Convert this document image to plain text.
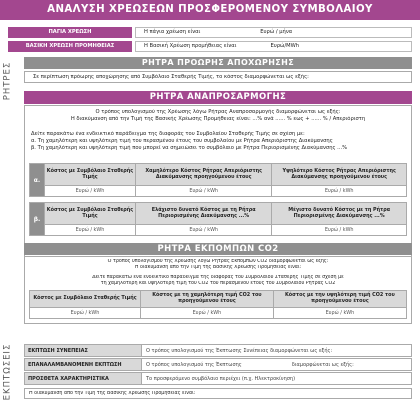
ΑΝΑΛΥΣΗ ΧΡΕΩΣΕΩΝ ΠΡΟΣΦΕΡΟΜΕΝΟΥ ΣΥΜΒΟΛΑΙΟΥ
ΠΑΓΙΑ ΧΡΕΩΣΗ	Η πάγια χρέωση είναι	Ευρώ / μήνα
ΒΑΣΙΚΗ ΧΡΕΩΣΗ ΠΡΟΜΗΘΕΙΑΣ	Η Βασική Χρέωση προμήθειας είναι	Ευρώ/MWh
ΡΗΤΡΕΣ
ΕΚΠΤΩΣΕΙΣ
ΡΗΤΡΑ ΠΡΟΩΡΗΣ ΑΠΟΧΩΡΗΣΗΣ
Σε περίπτωση πρόωρης αποχώρησης από Συμβόλαιο Σταθερής Τιμής, το κόστος διαμορφώνεται ως εξής:
ΡΗΤΡΑ ΑΝΑΠΡΟΣΑΡΜΟΓΗΣ
Ο τρόπος υπολογισμού της Χρέωσης λόγω Ρήτρας Αναπροσαρμογής διαμορφώνεται ως εξής:
Η διακύμανση από την Τιμή της Βασικής Χρέωσης Προμήθειας είναι: ...% ανά ...... % εως + ...... % / Απεριόριστη
Δείτε παρακάτω ένα ενδεικτικό παράδειγμα της διαφοράς του Συμβολαίου Σταθερής Τιμής σε σχέση με:
α. Τη χαμηλότερη και υψηλότερη τιμή του περασμένου έτους του συμβολαίου με Ρήτρα Απεριόριστης Διακύμανσης
β. Τη χαμηλότερη και υψηλότερη τιμή που μπορεί να σημειώσει το συμβόλαιο με Ρήτρα Περιορισμένης Διακύμανσης ...%
α.	Κόστος με Συμβόλαιο Σταθερής Τιμής	Χαμηλότερο Κόστος Ρήτρας Απεριόριστης Διακύμανσης προηγούμενου έτους	Υψηλότερο Κόστος Ρήτρας Απεριόριστης Διακύμανσης προηγούμενου έτους
	Ευρώ / kWh	Ευρώ / kWh	Ευρώ / kWh

β.	Κόστος με Συμβόλαιο Σταθερής Τιμής	Ελάχιστο δυνατό Κόστος με τη Ρήτρα Περιορισμένης Διακύμανσης ...%	Μέγιστο δυνατό Κόστος με τη Ρήτρα Περιορισμένης Διακύμανσης ...%
	Ευρώ / kWh	Ευρώ / kWh	Ευρώ / kWh
ΡΗΤΡΑ ΕΚΠΟΜΠΩΝ CO2
Ο τρόπος υπολογισμού της Χρέωσης λόγω Ρήτρας Εκπομπών CO2 διαμορφώνεται ως εξής:
Η διακύμανση από την Τιμή της Βασικής Χρέωσης Προμήθειας είναι:
Δείτε παρακάτω ένα ενδεικτικό παράδειγμα της διαφοράς του Συμβολαίου Σταθερής Τιμής σε σχέση με
τη χαμηλότερη και υψηλότερη τιμή του CO2 του περασμένου έτους του Συμβολαίου Ρήτρας CO2
Κόστος με Συμβόλαιο Σταθερής Τιμής	Κόστος με τη χαμηλότερη τιμή CO2 του προηγούμενου έτους	Κόστος με την υψηλότερη τιμή CO2 του προηγούμενου έτους
Ευρώ / kWh	Ευρώ / kWh	Ευρώ / kWh
ΕΚΠΤΩΣΗ ΣΥΝΕΠΕΙΑΣ	Ο τρόπος υπολογισμού της Έκπτωσης Συνέπειας διαμορφώνεται ως εξής:
ΕΠΑΝΑΛΑΜΒΑΝΟΜΕΝΗ ΕΚΠΤΩΣΗ	Ο τρόπος υπολογισμού της Έκπτωσης	διαμορφώνεται ως εξής:
ΠΡΟΣΘΕΤΑ ΧΑΡΑΚΤΗΡΙΣΤΙΚΑ	Το προσφερόμενο συμβόλαιο περιέχει (π.χ. Ηλεκτροκίνηση)
Η διακύμανση από την Τιμή της Βασικής Χρέωσης Προμήθειας είναι:
